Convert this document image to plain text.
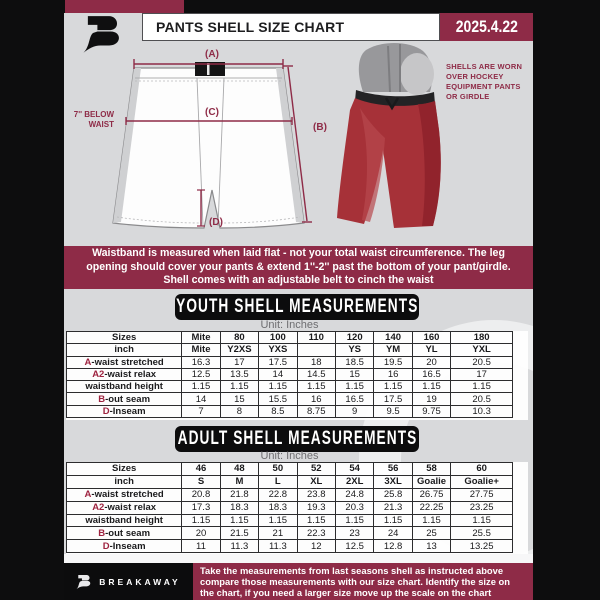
PANTS SHELL SIZE CHART	2025.4.22
(A)
(C)
(B)
(D)
7'' BELOW
WAIST
SHELLS ARE WORN
OVER HOCKEY
EQUIPMENT PANTS
OR GIRDLE
Waistband is measured when laid flat - not your total waist circumference. The leg opening should cover your pants & extend 1''-2'' past the bottom of your pant/girdle. Shell comes with an adjustable belt to cinch the waist
YOUTH SHELL MEASUREMENTS
Unit: Inches
Sizes	Mite	80	100	110	120	140	160	180
inch	Mite	Y2XS	YXS		YS	YM	YL	YXL
A-waist stretched	16.3	17	17.5	18	18.5	19.5	20	20.5
A2-waist relax	12.5	13.5	14	14.5	15	16	16.5	17
waistband height	1.15	1.15	1.15	1.15	1.15	1.15	1.15	1.15
B-out seam	14	15	15.5	16	16.5	17.5	19	20.5
D-Inseam	7	8	8.5	8.75	9	9.5	9.75	10.3
ADULT SHELL MEASUREMENTS
Unit: Inches
Sizes	46	48	50	52	54	56	58	60
inch	S	M	L	XL	2XL	3XL	Goalie	Goalie+
A-waist stretched	20.8	21.8	22.8	23.8	24.8	25.8	26.75	27.75
A2-waist relax	17.3	18.3	18.3	19.3	20.3	21.3	22.25	23.25
waistband height	1.15	1.15	1.15	1.15	1.15	1.15	1.15	1.15
B-out seam	20	21.5	21	22.3	23	24	25	25.5
D-Inseam	11	11.3	11.3	12	12.5	12.8	13	13.25
BREAKAWAY
Take the measurements from last seasons shell as instructed above compare those measurements with our size chart. Identify the size on the chart, if you need a larger size move up the scale on the chart
